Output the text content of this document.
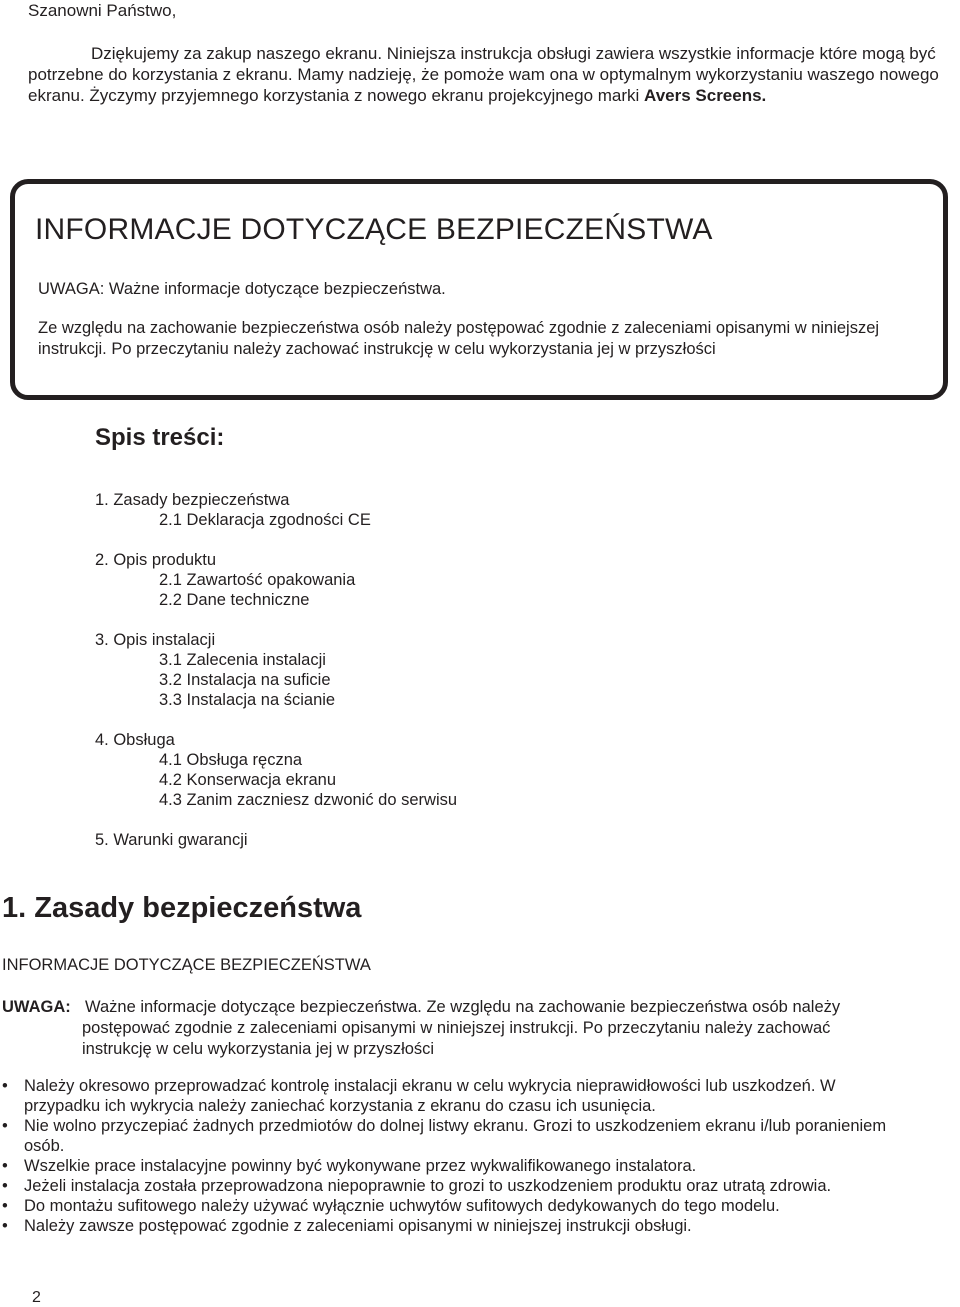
Szanowni Państwo,

Dziękujemy za zakup naszego ekranu. Niniejsza instrukcja obsługi zawiera wszystkie informacje które mogą być potrzebne do korzystania z ekranu. Mamy nadzieję, że pomoże wam ona w optymalnym wykorzystaniu waszego nowego ekranu. Życzymy przyjemnego korzystania z nowego ekranu projekcyjnego marki Avers Screens.

INFORMACJE DOTYCZĄCE BEZPIECZEŃSTWA
UWAGA: Ważne informacje dotyczące bezpieczeństwa.
Ze względu na zachowanie bezpieczeństwa osób należy postępować zgodnie z zaleceniami opisanymi w niniejszej instrukcji. Po przeczytaniu należy zachować instrukcję w celu wykorzystania jej w przyszłości
Spis treści:
1. Zasady bezpieczeństwa
2.1 Deklaracja zgodności CE
2. Opis produktu
2.1 Zawartość opakowania
2.2 Dane techniczne
3. Opis instalacji
3.1 Zalecenia instalacji
3.2 Instalacja na suficie
3.3 Instalacja na ścianie
4. Obsługa
4.1 Obsługa ręczna
4.2 Konserwacja ekranu
4.3 Zanim zaczniesz dzwonić do serwisu
5. Warunki gwarancji
1. Zasady bezpieczeństwa
INFORMACJE DOTYCZĄCE BEZPIECZEŃSTWA
UWAGA: Ważne informacje dotyczące bezpieczeństwa. Ze względu na zachowanie bezpieczeństwa osób należy postępować zgodnie z zaleceniami opisanymi w niniejszej instrukcji. Po przeczytaniu należy zachować instrukcję w celu wykorzystania jej w przyszłości
• Należy okresowo przeprowadzać kontrolę instalacji ekranu w celu wykrycia nieprawidłowości lub uszkodzeń. W przypadku ich wykrycia należy zaniechać korzystania z ekranu do czasu ich usunięcia.
• Nie wolno przyczepiać żadnych przedmiotów do dolnej listwy ekranu. Grozi to uszkodzeniem ekranu i/lub poranieniem osób.
• Wszelkie prace instalacyjne powinny być wykonywane przez wykwalifikowanego instalatora.
• Jeżeli instalacja została przeprowadzona niepoprawnie to grozi to uszkodzeniem produktu oraz utratą zdrowia.
• Do montażu sufitowego należy używać wyłącznie uchwytów sufitowych dedykowanych do tego modelu.
• Należy zawsze postępować zgodnie z zaleceniami opisanymi w niniejszej instrukcji obsługi.
2
